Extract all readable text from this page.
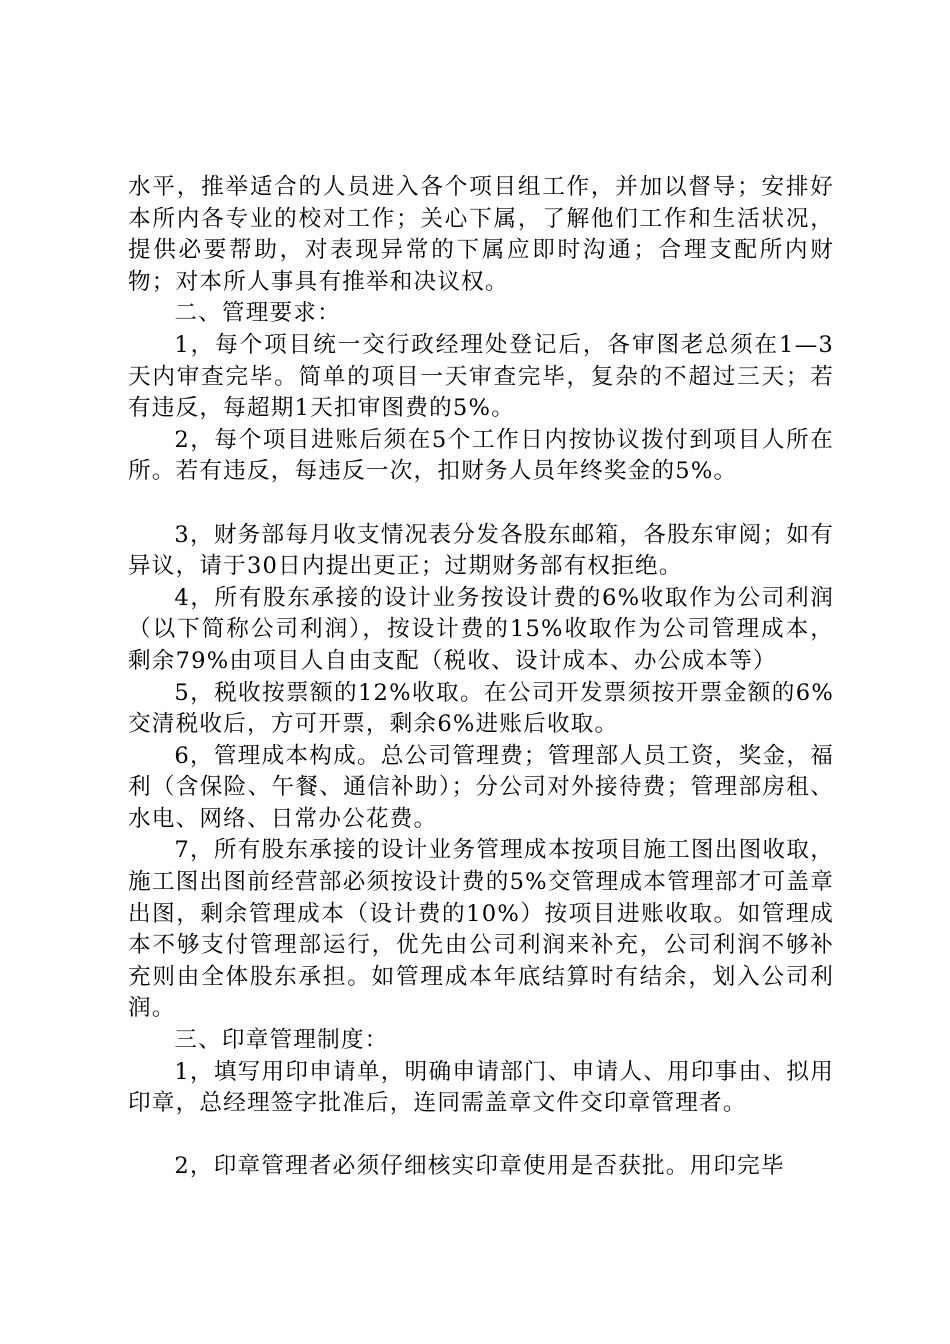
水平，推举适合的人员进入各个项目组工作，并加以督导；安排好本所内各专业的校对工作；关心下属，了解他们工作和生活状况，提供必要帮助，对表现异常的下属应即时沟通；合理支配所内财物；对本所人事具有推举和决议权。

二、管理要求：

1，每个项目统一交行政经理处登记后，各审图老总须在1—3天内审查完毕。简单的项目一天审查完毕，复杂的不超过三天；若有违反，每超期1天扣审图费的5%。

2，每个项目进账后须在5个工作日内按协议拨付到项目人所在所。若有违反，每违反一次，扣财务人员年终奖金的5%。

3，财务部每月收支情况表分发各股东邮箱，各股东审阅；如有异议，请于30日内提出更正；过期财务部有权拒绝。

4，所有股东承接的设计业务按设计费的6%收取作为公司利润（以下简称公司利润），按设计费的15%收取作为公司管理成本，剩余79%由项目人自由支配（税收、设计成本、办公成本等）

5，税收按票额的12%收取。在公司开发票须按开票金额的6%交清税收后，方可开票，剩余6%进账后收取。

6，管理成本构成。总公司管理费；管理部人员工资，奖金，福利（含保险、午餐、通信补助）；分公司对外接待费；管理部房租、水电、网络、日常办公花费。

7，所有股东承接的设计业务管理成本按项目施工图出图收取，施工图出图前经营部必须按设计费的5%交管理成本管理部才可盖章出图，剩余管理成本（设计费的10%）按项目进账收取。如管理成本不够支付管理部运行，优先由公司利润来补充，公司利润不够补充则由全体股东承担。如管理成本年底结算时有结余，划入公司利润。

三、印章管理制度：

1，填写用印申请单，明确申请部门、申请人、用印事由、拟用印章，总经理签字批准后，连同需盖章文件交印章管理者。

2，印章管理者必须仔细核实印章使用是否获批。用印完毕
